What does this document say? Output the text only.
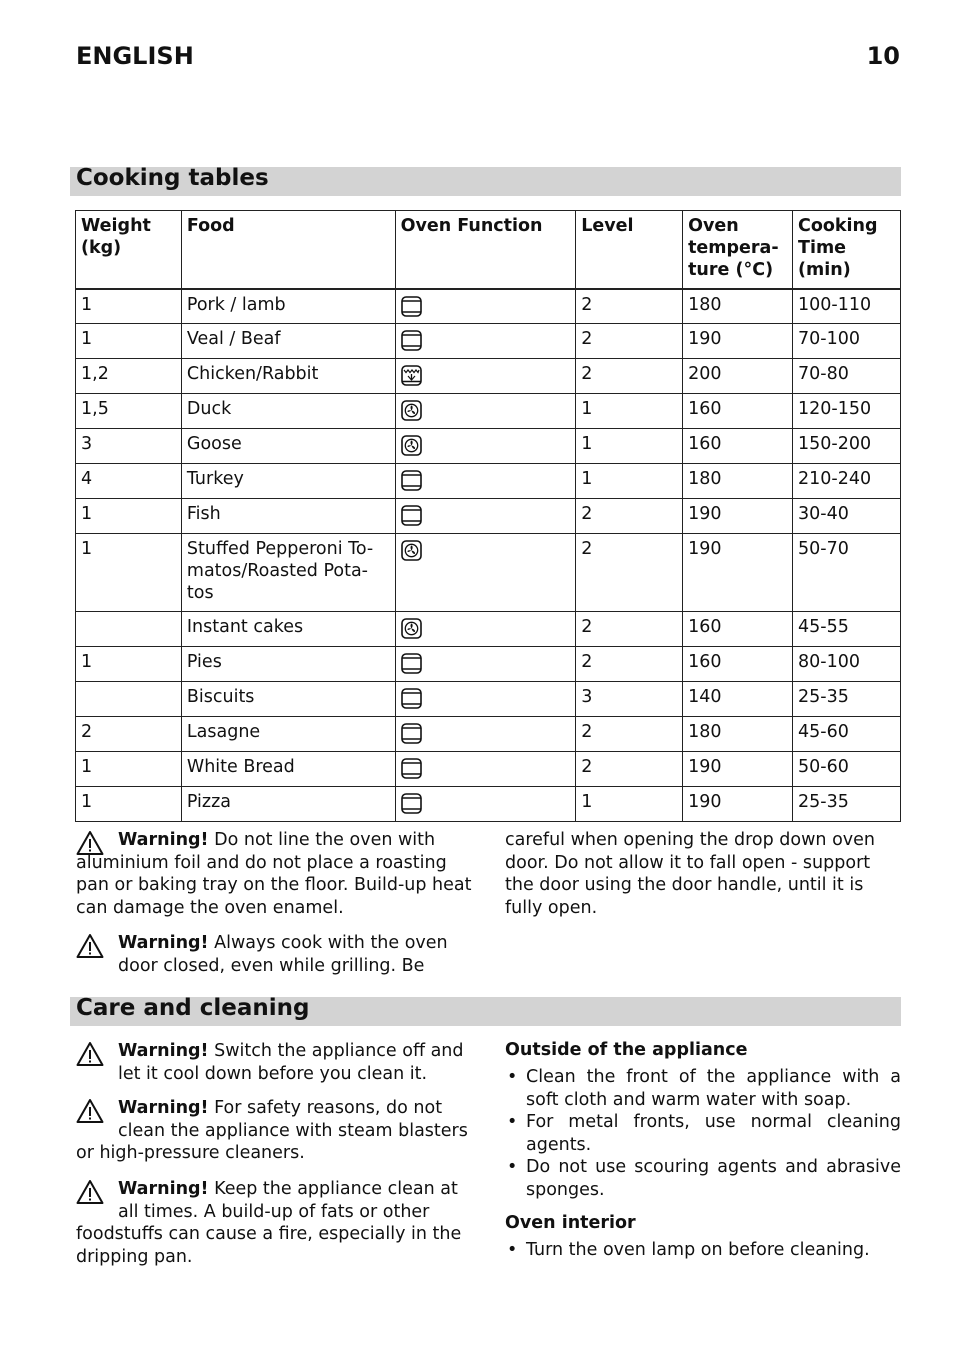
ENGLISH	10
Cooking tables
Weight (kg)	Food	Oven Function	Level	Oven tempera- ture (°C)	Cooking Time (min)
1	Pork / lamb		2	180	100-110
1	Veal / Beaf		2	190	70-100
1,2	Chicken/Rabbit		2	200	70-80
1,5	Duck		1	160	120-150
3	Goose		1	160	150-200
4	Turkey		1	180	210-240
1	Fish		2	190	30-40
1	Stuffed Pepperoni To- matos/Roasted Pota- tos		2	190	50-70
	Instant cakes		2	160	45-55
1	Pies		2	160	80-100
	Biscuits		3	140	25-35
2	Lasagne		2	180	45-60
1	White Bread		2	190	50-60
1	Pizza		1	190	25-35
Warning! Do not line the oven with
aluminium foil and do not place a roasting pan or baking tray on the floor. Build-up heat can damage the oven enamel.
Warning! Always cook with the oven
door closed, even while grilling. Be
careful when opening the drop down oven door. Do not allow it to fall open - support the door using the door handle, until it is fully open.
Care and cleaning
Warning! Switch the appliance off and
let it cool down before you clean it.
Warning! For safety reasons, do not
clean the appliance with steam blasters or high-pressure cleaners.
Warning! Keep the appliance clean at
all times. A build-up of fats or other foodstuffs can cause a fire, especially in the dripping pan.
Outside of the appliance
• Clean the front of the appliance with a soft cloth and warm water with soap.
• For metal fronts, use normal cleaning agents.
• Do not use scouring agents and abrasive sponges.
Oven interior
• Turn the oven lamp on before cleaning.
